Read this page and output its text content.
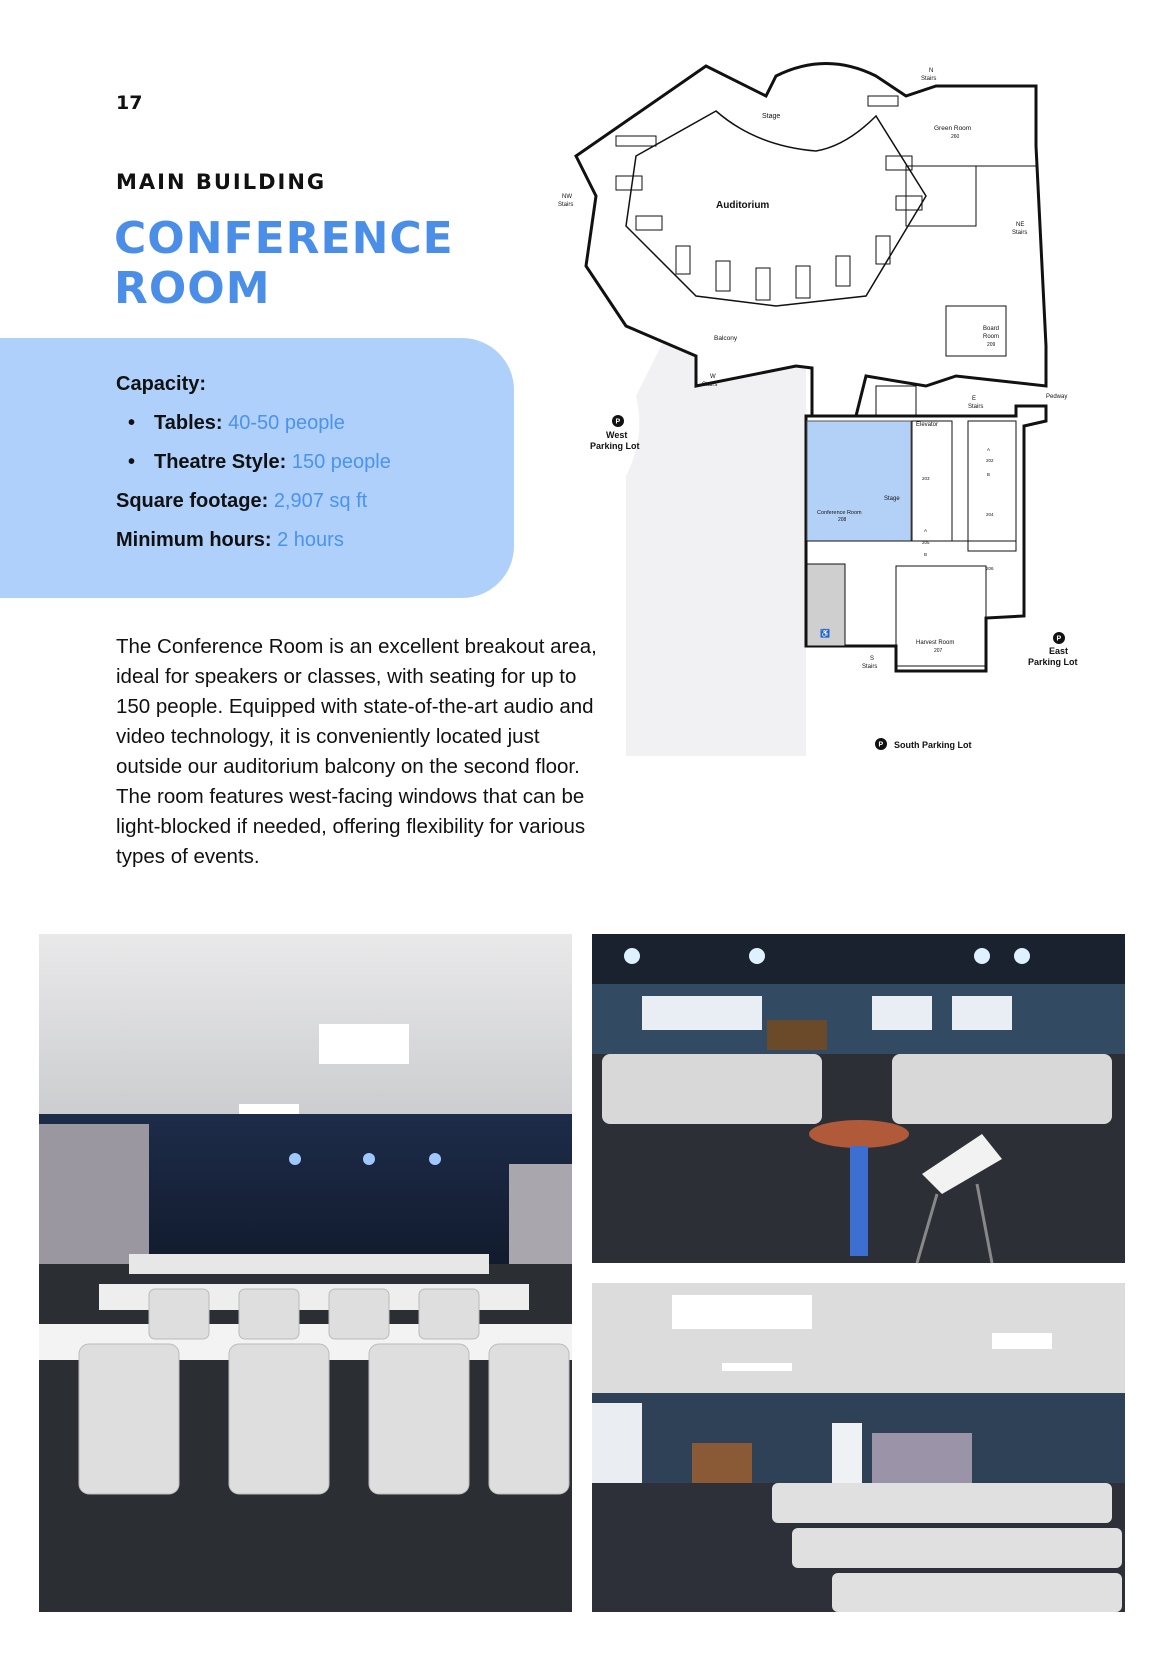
17
MAIN BUILDING
CONFERENCE
ROOM
Capacity:
• Tables: 40-50 people
• Theatre Style: 150 people
Square footage: 2,907 sq ft
Minimum hours: 2 hours

The Conference Room is an excellent breakout area, ideal for speakers or classes, with seating for up to 150 people. Equipped with state-of-the-art audio and video technology, it is conveniently located just outside our auditorium balcony on the second floor. The room features west-facing windows that can be light-blocked if needed, offering flexibility for various types of events.

Stage
Auditorium
Green Room
260
N
Stairs
NW
Stairs
NE
Stairs
Board
Room
209
Balcony
W
Stairs
E
Stairs
Pedway
Elevator
P
West
Parking Lot
P
East
Parking Lot
P South Parking Lot
Conference Room
208
Stage
203
205
202
204
206
A
B
A
B
Harvest Room
207
S
Stairs
♿
